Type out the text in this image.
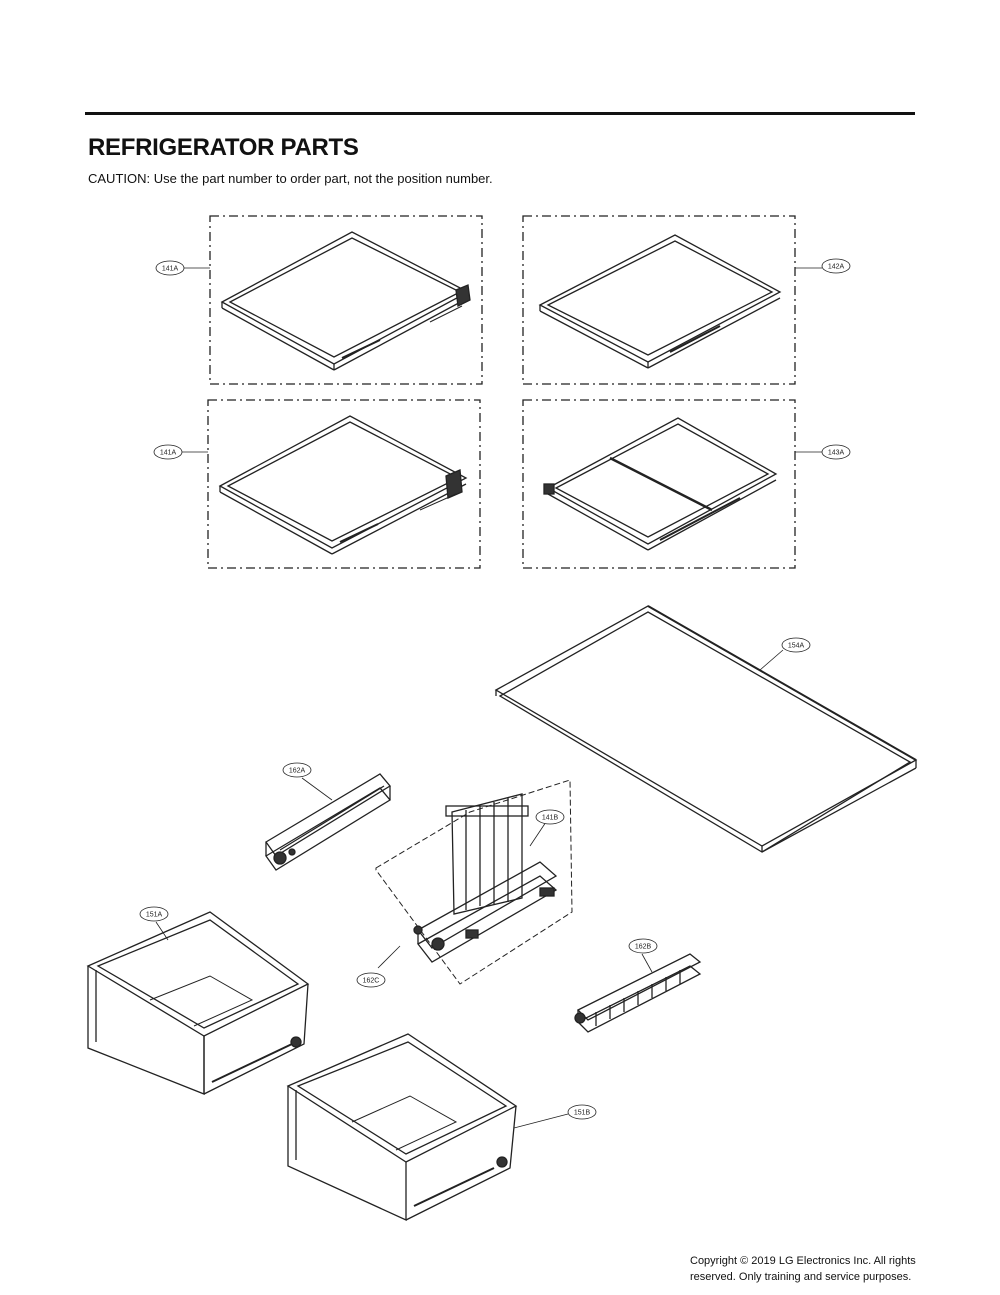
REFRIGERATOR PARTS
CAUTION: Use the part number to order part, not the position number.
141A	142A
141A	143A
154A
162A
141B
162C
162B
151A
151B
Copyright © 2019 LG Electronics Inc. All rights
reserved. Only training and service purposes.
